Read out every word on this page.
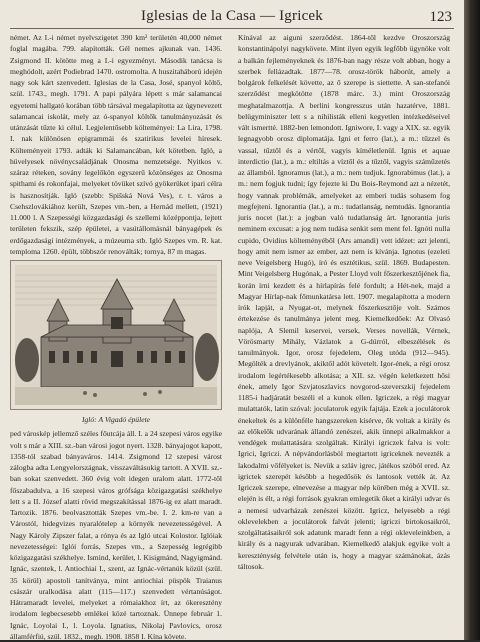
Iglesias de la Casa — Igricek	123

német. Az I.-i német nyelvszigetet 390 km² területén 40,000 német foglal magába. 799. alapították. Gél nemes ajkunak van. 1436. Zsigmond II. kötötte meg a I.-i egyezményt. Második tanácsa is meghódolt, azért Podiebrad 1470. ostromolta. A huszitaháború idején nagy sok kárt szenvedett. Iglesias de la Casa, José, spanyol költő, szül. 1743., megh. 1791. A papi pályára lépett s már salamancai egyetemi hallgató korában több társával megalapította az úgynevezett salamancai iskolát, mely az ó-spanyol költők tanulmányozását és utánzását tűzte ki célul. Legjelentősebb költeményei: La Lira, 1798. I. nak különösen epigrammái és szatirikus levelei híresek. Költeményeit 1793. adták ki Salamancában, két kötetben. Igló, a hüvelyesek növénycsaládjának Onosma nemzetsége. Nyitkos v. száraz réteken, sovány legelőkön egyszerű közönséges az Onosma spithami és rokonfajai, melyeket tövüket szívó gyökerüket ipari célra is hasznosítják. Igló (szebb: Spišská Nová Ves), r. t. város a Csehszlovákiához került, Szepes vm.-ben, a Hernád mellett, (1921) 11.000 l. A Szepességi közgazdasági és szellemi középpontja, lejtett területen fekszik, szép épületei, a vasútállomásnál bányagépek és erdőgazdasági intézmények, a múzeuma stb. Igló Szepes vm. R. kat. temploma 1260. épült, többször renoválták; tornya, 87 m magas.

Igló: A Vigadó épülete

ped városkép jellemző széles főutcája áll. I. a 24 szepesi város egyike volt s már a XIII. sz.-ban városi jogot nyert. 1328. bányajogot kapott, 1358-tól szabad bányaváros. 1414. Zsigmond 12 szepesi várost zálogba adta Lengyelországnak, visszaváltásukig tartott. A XVII. sz.-ban sokat szenvedett. 360 évig volt idegen uralom alatt. 1772-től főszabadulva, a 16 szepesi város grófsága közigazgatási székhelye lett s a II. József alatti rövid megszakítással 1876-ig ez alatt maradt. Tartozik. 1876. beolvasztották Szepes vm.-be. I. 2. km-re van a Várostól, hidegvizes nyaralótelep a környék nevezetességével. A Nagy Károly Zipszer falat, a rónya és az Igló utcai Kolostor. Iglóiak nevezetességei: Iglói forrás, Szepes vm., a Szepesség legrégibb közigazgatási székhelye. Ismind, kerület, l. Kisigmánd, Nagyigmánd. Ignác, szentek, l. Antiochiai I., szent, az Ignác-vértanúk közül (szül. 35 körül) apostoli tanítványa, mint antiochiai püspök Traianus császár uralkodása alatt (115—117.) szenvedett vértanúságot. Hátramaradt levelei, melyeket a rómaiakhoz írt, az ókeresztény irodalom legbecsesebb emlékei közé tartoznak. Ünnepe február 1. Ignác, Loyolai I., l. Loyola. Ignatius, Nikolaj Pavlovics, orosz államférfiú, szül. 1832., megh. 1908. 1858 I. Kína követe.

Kínával az aiguni szerződést. 1864-től kezdve Oroszország konstantinápolyi nagykövete. Mint ilyen egyik legfőbb ügynöke volt a balkán fejleményeknek és 1876-ban nagy része volt abban, hogy a szerbek fellázadtak. 1877—78. orosz-török háborút, amely a bolgárok felkelését követte, az ő szerepe is siettette. A san-stefanói szerződést megkötötte (1878 márc. 3.) mint Oroszország meghatalmazottja. A berlini kongresszus után hazatérve, 1881. belügyminiszter lett s a nihilisták elleni kegyetlen intézkedéseivel vált ismertté. 1882-ben lemondott. Igniwore, I. vagy a XIX. sz. egyik legnagyobb orosz diplomatája. Igni et ferro (lat.), a m.: tűzzel és vassal, tűztől és a vértől, vagyis kíméletlenül. Ignis et aquae interdictio (lat.), a m.: eltiltás a víztől és a tűztől, vagyis száműzetés az államból. Ignoramus (lat.), a m.: nem tudjuk. Ignorabimus (lat.), a m.: nem fogjuk tudni; így fejezte ki Du Bois-Reymond azt a nézetét, hogy vannak problémák, amelyeket az emberi tudás sohasem fog megfejteni. Ignorantia (lat.), a m.: tudatlanság, nemtudás. Ignorantia juris nocet (lat.): a jogban való tudatlanság árt. Ignorantia juris neminem excusat: a jog nem tudása senkit sem ment fel. Ignóti nulla cupido, Ovidius költeményéből (Ars amandi) vett idézet: azt jelenti, hogy amit nem ismer az ember, azt nem is kívánja. Ignotus (ezeleti neve Veigelsberg Hugó), író és esztétikus, szül. 1869. Budapesten. Mint Veigelsberg Hugónak, a Pester Lloyd volt főszerkesztőjének fia, korán írni kezdett és a hírlapírás felé fordult; a Hét-nek, majd a Magyar Hírlap-nak főmunkatársa lett. 1907. megalapította a modern írók lapját, a Nyugat-ot, melynek főszerkesztője volt. Számos értekezése és tanulmánya jelent meg. Kiemelkedőek: Az Olvasó naplója, A Slemil keservei, versek, Verses novellák, Vérnek, Vörösmarty Mihály, Vázlatok a G-dúrról, elbeszélések és tanulmányok. Igor, orosz fejedelem, Oleg utóda (912—945). Megölték a drevlyánok, akiktől adót követelt. Igor-ének, a régi orosz irodalom legértékesebb alkotása; a XII. sz. végén keletkezett hősi ének, amely Igor Szvjatoszlavics novgorod-szeverszkij fejedelem 1185-i hadjáratát beszéli el a kunok ellen. Igriczek, a régi magyar mulattatók, latin szóval: joculatorok egyik fajtája. Ezek a joculátorok énekeltek és a különféle hangszereken kísérve, ők voltak a király és az előkelők udvarának állandó zenészei, akik ünnepi alkalmakkor a vendégek mulattatására szolgáltak. Királyi igriczek falva is volt: Igrici, Igriczi. A népvándorlásból megtartott igriceknek nevezték a lakodalmi vőfélyeket is. Nevük a szláv igrec, játékos szóból ered. Az igrictek szerepét később a hegedősök és lantosok vették át. Az Igriczek szerepe, elnevezése a magyar nép körében még a XVII. sz. elején is élt, a régi források gyakran emlegetik őket a királyi udvar és a nemesi udvarházak zenészei között. Igricz, helyesebb a régi oklevelekben a joculátorok falvát jelenti; igriczi birtokosaikról, szolgáltatásaikról sok adatunk maradt fenn a régi okleveleinkben, a király és a nagyurak udvarában. Kiemelkedő alakjuk egyike volt a kereszténység felvétele után is, hogy a magyar számánokat, ázás táltosok.
